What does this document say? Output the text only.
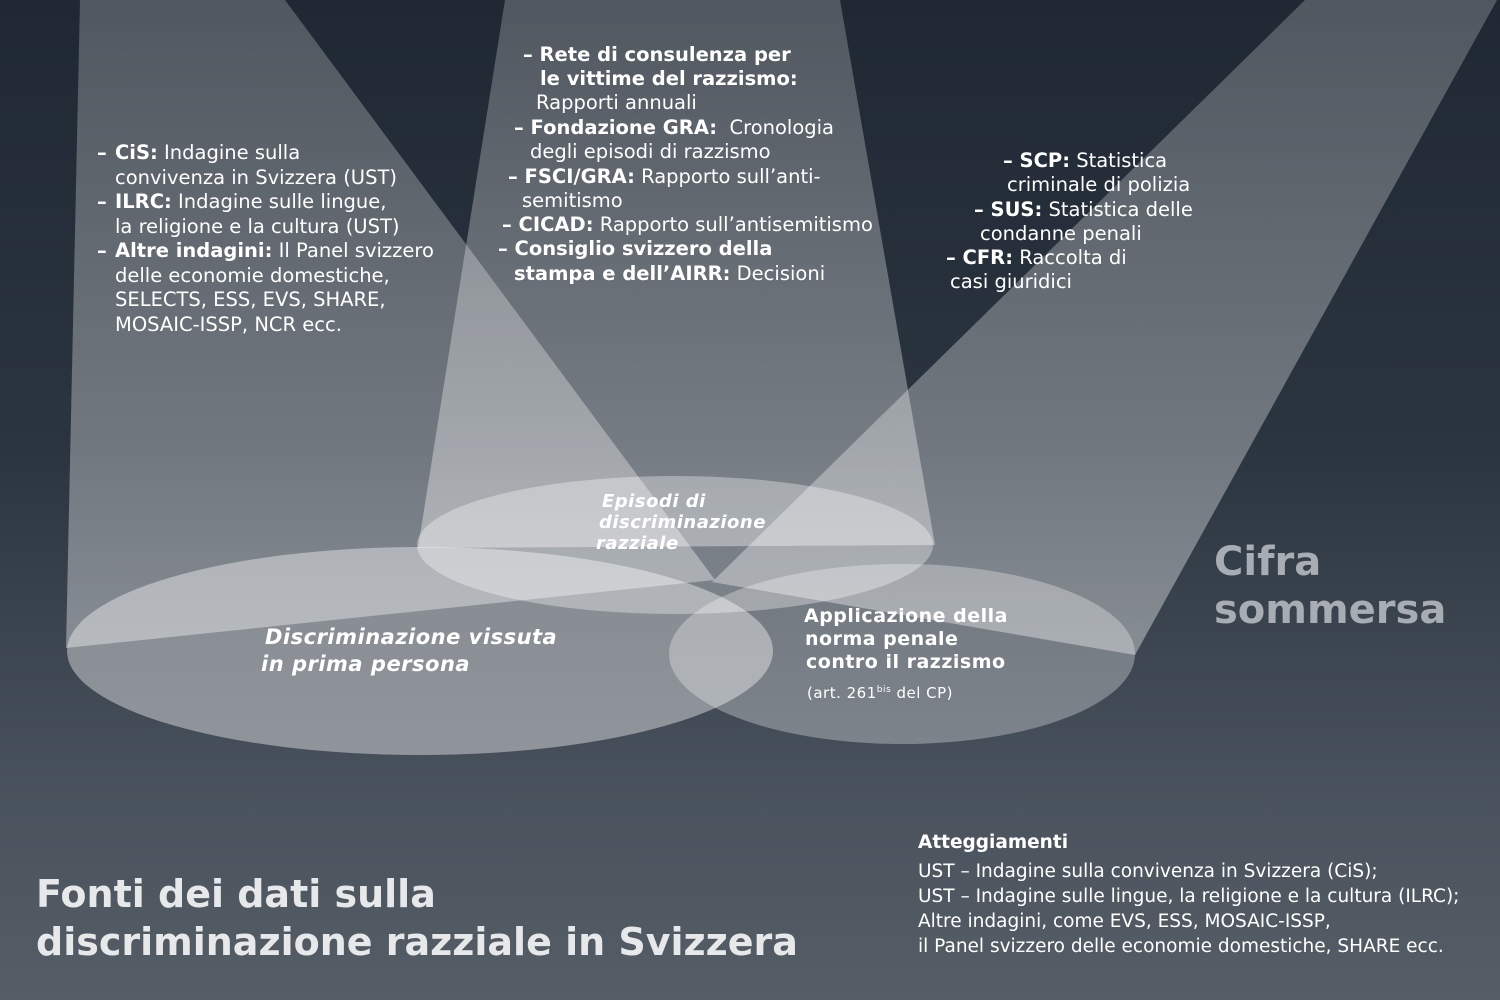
– CiS: Indagine sulla
convivenza in Svizzera (UST)
– ILRC: Indagine sulle lingue,
la religione e la cultura (UST)
– Altre indagini: Il Panel svizzero
delle economie domestiche,
SELECTS, ESS, EVS, SHARE,
MOSAIC-ISSP, NCR ecc.
– Rete di consulenza per
le vittime del razzismo:
Rapporti annuali
– Fondazione GRA: Cronologia
degli episodi di razzismo
– FSCI/GRA: Rapporto sull’anti-
semitismo
– CICAD: Rapporto sull’antisemitismo
– Consiglio svizzero della
stampa e dell’AIRR: Decisioni
– SCP: Statistica
criminale di polizia
– SUS: Statistica delle
condanne penali
– CFR: Raccolta di
casi giuridici
Episodi di
discriminazione
razziale
Discriminazione vissuta
in prima persona
Applicazione della
norma penale
contro il razzismo
(art. $261^{bis}$ del CP)
Cifra
sommersa
Fonti dei dati sulla
discriminazione razziale in Svizzera
Atteggiamenti
UST – Indagine sulla convivenza in Svizzera (CiS);
UST – Indagine sulle lingue, la religione e la cultura (ILRC);
Altre indagini, come EVS, ESS, MOSAIC-ISSP,
il Panel svizzero delle economie domestiche, SHARE ecc.
